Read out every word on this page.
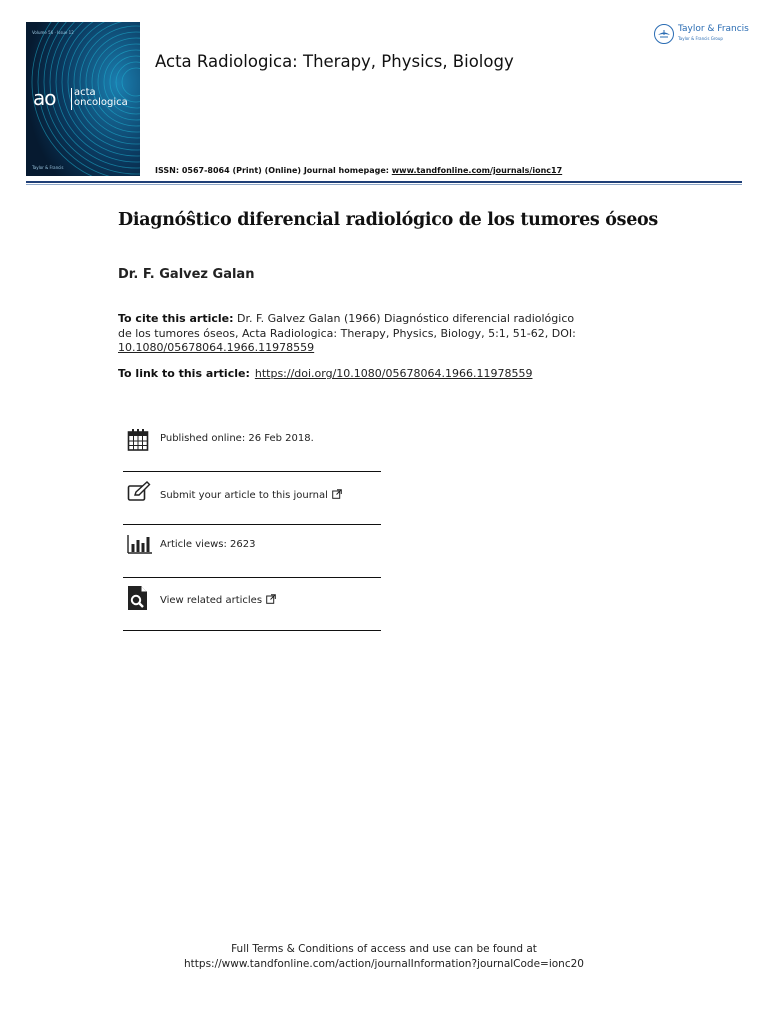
Volume 56 · Issue 12
ao acta
oncologica
Taylor & Francis
Acta Radiologica: Therapy, Physics, Biology
Taylor & Francis
Taylor & Francis Group
ISSN: 0567-8064 (Print) (Online) Journal homepage: www.tandfonline.com/journals/ionc17
Diagnóŝtico diferencial radiológico de los tumores óseos
Dr. F. Galvez Galan
To cite this article: Dr. F. Galvez Galan (1966) Diagnóstico diferencial radiológico
de los tumores óseos, Acta Radiologica: Therapy, Physics, Biology, 5:1, 51-62, DOI:
10.1080/05678064.1966.11978559
To link to this article: https://doi.org/10.1080/05678064.1966.11978559
Published online: 26 Feb 2018.
Submit your article to this journal
Article views: 2623
View related articles
Full Terms & Conditions of access and use can be found at
https://www.tandfonline.com/action/journalInformation?journalCode=ionc20
